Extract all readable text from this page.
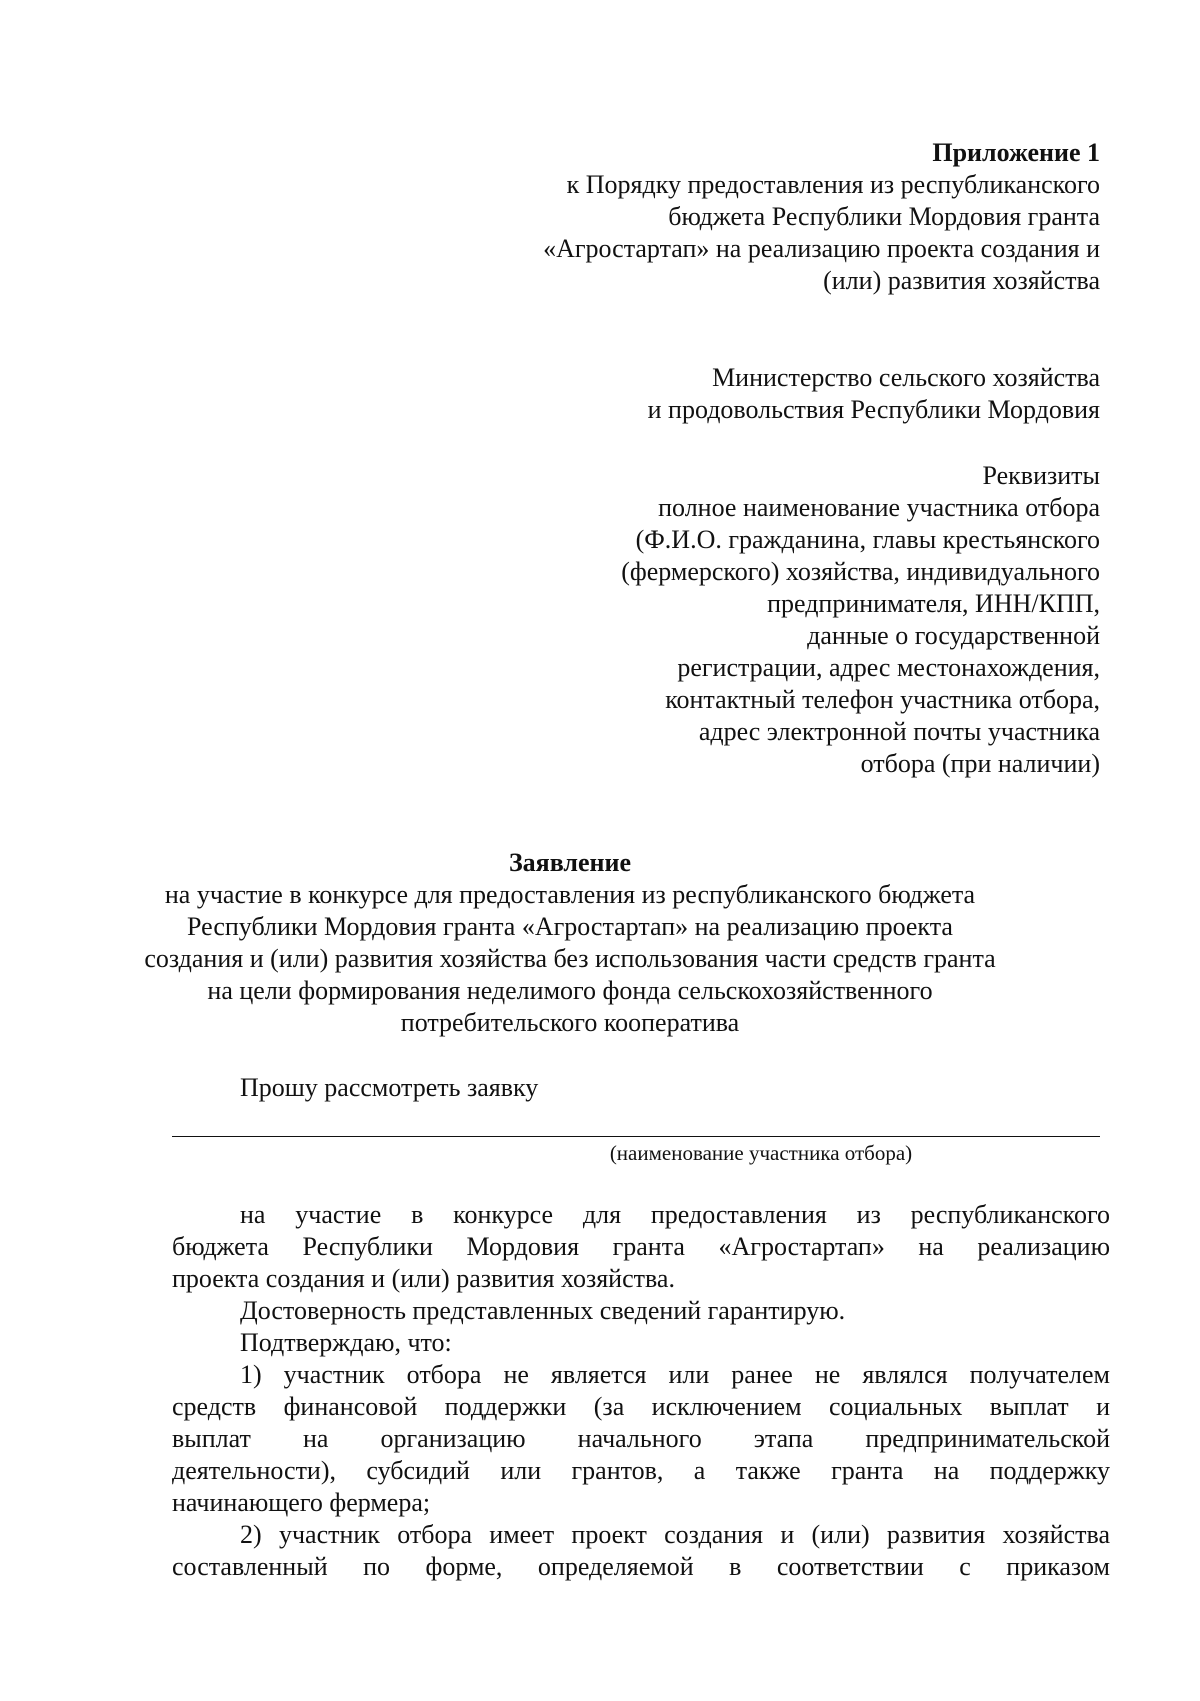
Приложение 1
к Порядку предоставления из республиканского
бюджета Республики Мордовия гранта
«Агростартап» на реализацию проекта создания и
(или) развития хозяйства
Министерство сельского хозяйства
и продовольствия Республики Мордовия
Реквизиты
полное наименование участника отбора
(Ф.И.О. гражданина, главы крестьянского
(фермерского) хозяйства, индивидуального
предпринимателя, ИНН/КПП,
данные о государственной
регистрации, адрес местонахождения,
контактный телефон участника отбора,
адрес электронной почты участника
отбора (при наличии)
Заявление
на участие в конкурсе для предоставления из республиканского бюджета
Республики Мордовия гранта «Агростартап» на реализацию проекта
создания и (или) развития хозяйства без использования части средств гранта
на цели формирования неделимого фонда сельскохозяйственного
потребительского кооператива
Прошу рассмотреть заявку
(наименование участника отбора)
на участие в конкурсе для предоставления из республиканского
бюджета Республики Мордовия гранта «Агростартап» на реализацию
проекта создания и (или) развития хозяйства.
Достоверность представленных сведений гарантирую.
Подтверждаю, что:
1) участник отбора не является или ранее не являлся получателем
средств финансовой поддержки (за исключением социальных выплат и
выплат на организацию начального этапа предпринимательской
деятельности), субсидий или грантов, а также гранта на поддержку
начинающего фермера;
2) участник отбора имеет проект создания и (или) развития хозяйства
составленный по форме, определяемой в соответствии с приказом
